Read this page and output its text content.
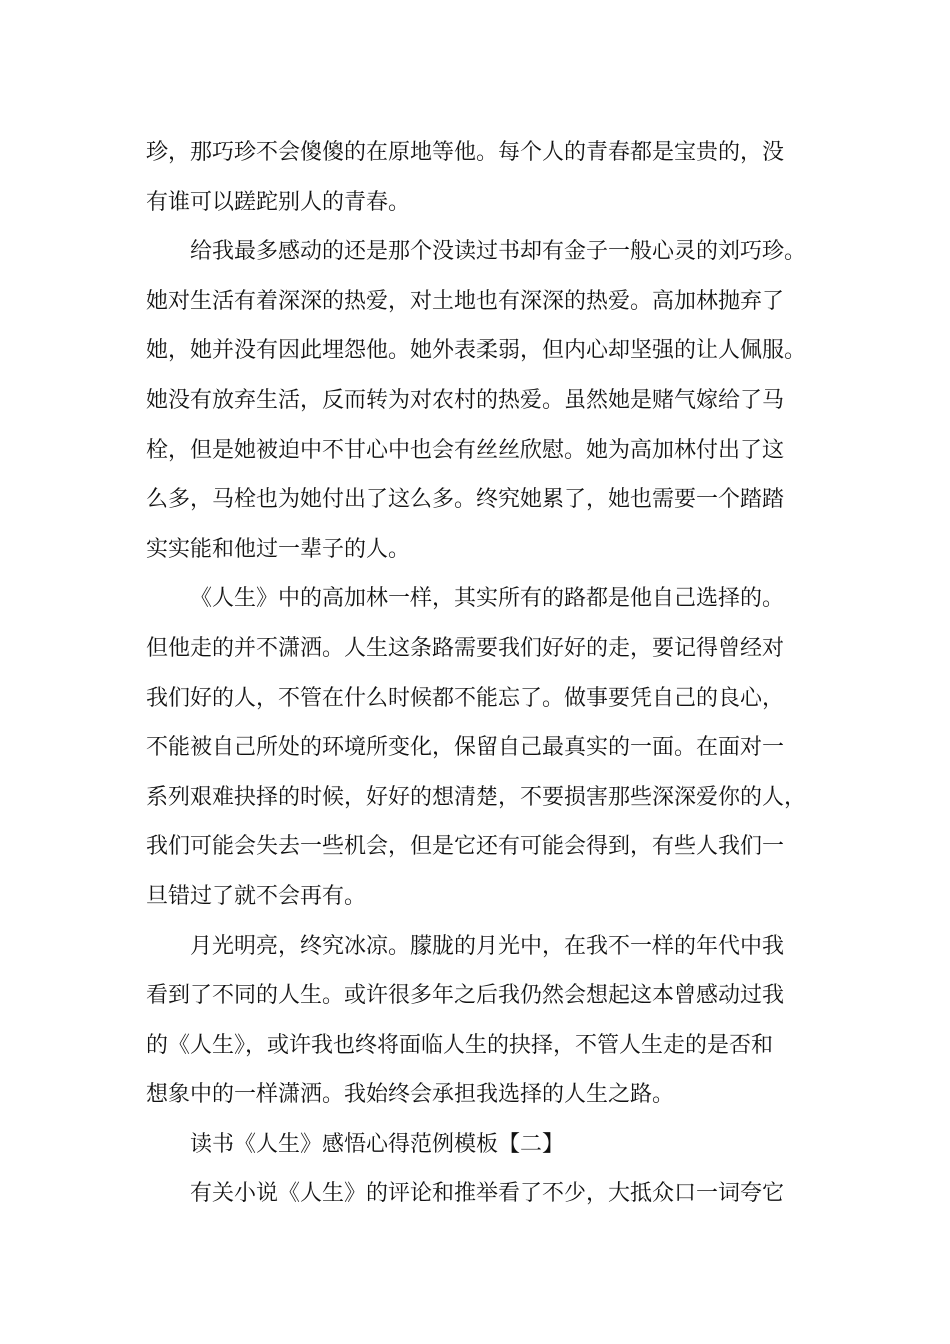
珍，那巧珍不会傻傻的在原地等他。每个人的青春都是宝贵的，没
有谁可以蹉跎别人的青春。
给我最多感动的还是那个没读过书却有金子一般心灵的刘巧珍。
她对生活有着深深的热爱，对土地也有深深的热爱。高加林抛弃了
她，她并没有因此埋怨他。她外表柔弱，但内心却坚强的让人佩服。
她没有放弃生活，反而转为对农村的热爱。虽然她是赌气嫁给了马
栓，但是她被迫中不甘心中也会有丝丝欣慰。她为高加林付出了这
么多，马栓也为她付出了这么多。终究她累了，她也需要一个踏踏
实实能和他过一辈子的人。
《人生》中的高加林一样，其实所有的路都是他自己选择的。
但他走的并不潇洒。人生这条路需要我们好好的走，要记得曾经对
我们好的人，不管在什么时候都不能忘了。做事要凭自己的良心，
不能被自己所处的环境所变化，保留自己最真实的一面。在面对一
系列艰难抉择的时候，好好的想清楚，不要损害那些深深爱你的人，
我们可能会失去一些机会，但是它还有可能会得到，有些人我们一
旦错过了就不会再有。
月光明亮，终究冰凉。朦胧的月光中，在我不一样的年代中我
看到了不同的人生。或许很多年之后我仍然会想起这本曾感动过我
的《人生》，或许我也终将面临人生的抉择，不管人生走的是否和
想象中的一样潇洒。我始终会承担我选择的人生之路。
读书《人生》感悟心得范例模板【二】
有关小说《人生》的评论和推举看了不少，大抵众口一词夸它
